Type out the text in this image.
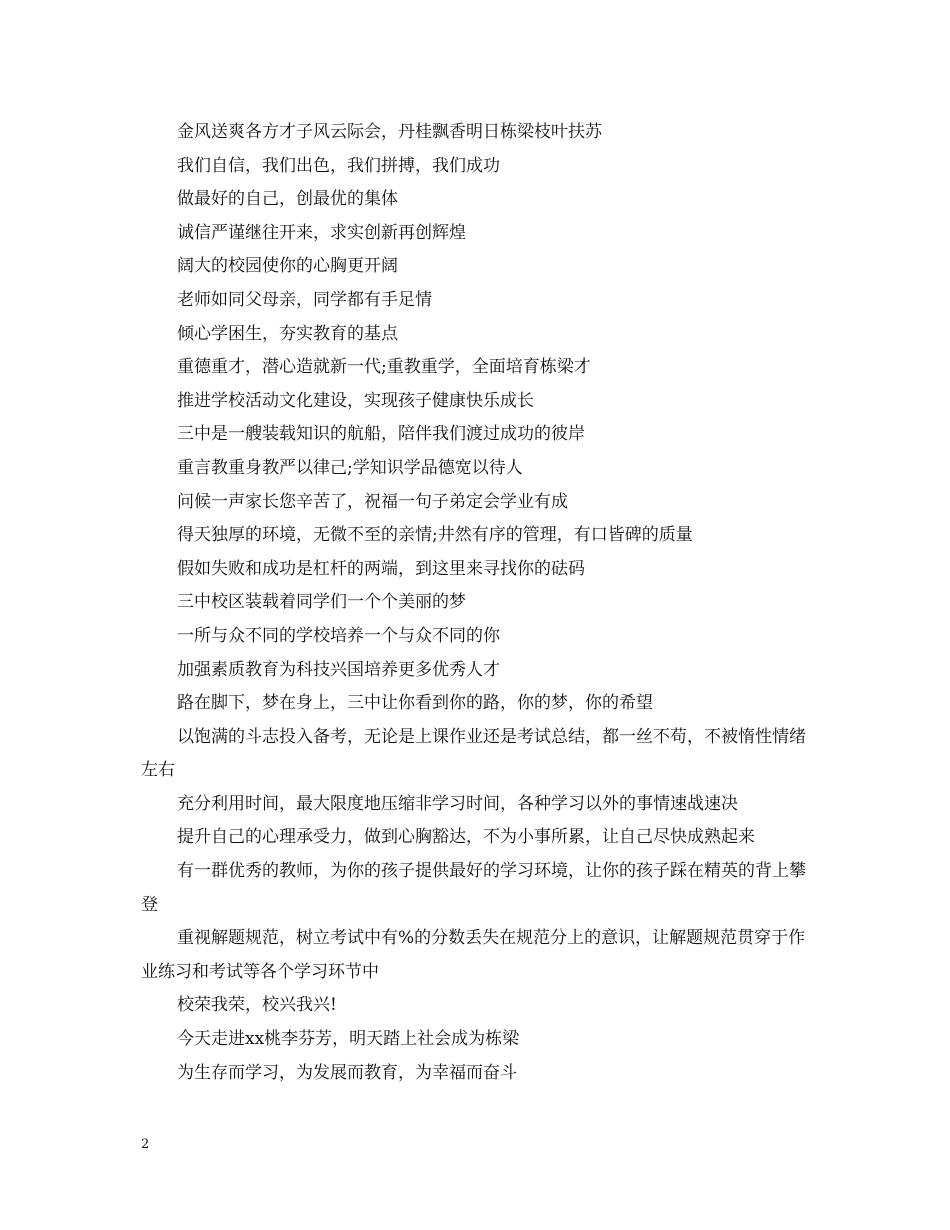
金风送爽各方才子风云际会，丹桂飘香明日栋梁枝叶扶苏

我们自信，我们出色，我们拼搏，我们成功

做最好的自己，创最优的集体

诚信严谨继往开来，求实创新再创辉煌

阔大的校园使你的心胸更开阔

老师如同父母亲，同学都有手足情

倾心学困生，夯实教育的基点

重德重才，潜心造就新一代;重教重学，全面培育栋梁才

推进学校活动文化建设，实现孩子健康快乐成长

三中是一艘装载知识的航船，陪伴我们渡过成功的彼岸

重言教重身教严以律己;学知识学品德宽以待人

问候一声家长您辛苦了，祝福一句子弟定会学业有成

得天独厚的环境，无微不至的亲情;井然有序的管理，有口皆碑的质量

假如失败和成功是杠杆的两端，到这里来寻找你的砝码

三中校区装载着同学们一个个美丽的梦

一所与众不同的学校培养一个与众不同的你

加强素质教育为科技兴国培养更多优秀人才

路在脚下，梦在身上，三中让你看到你的路，你的梦，你的希望

以饱满的斗志投入备考，无论是上课作业还是考试总结，都一丝不苟，不被惰性情绪左右

充分利用时间，最大限度地压缩非学习时间，各种学习以外的事情速战速决

提升自己的心理承受力，做到心胸豁达，不为小事所累，让自己尽快成熟起来

有一群优秀的教师，为你的孩子提供最好的学习环境，让你的孩子踩在精英的背上攀登

重视解题规范，树立考试中有%的分数丢失在规范分上的意识，让解题规范贯穿于作业练习和考试等各个学习环节中

校荣我荣，校兴我兴!

今天走进xx桃李芬芳，明天踏上社会成为栋梁

为生存而学习，为发展而教育，为幸福而奋斗

2
